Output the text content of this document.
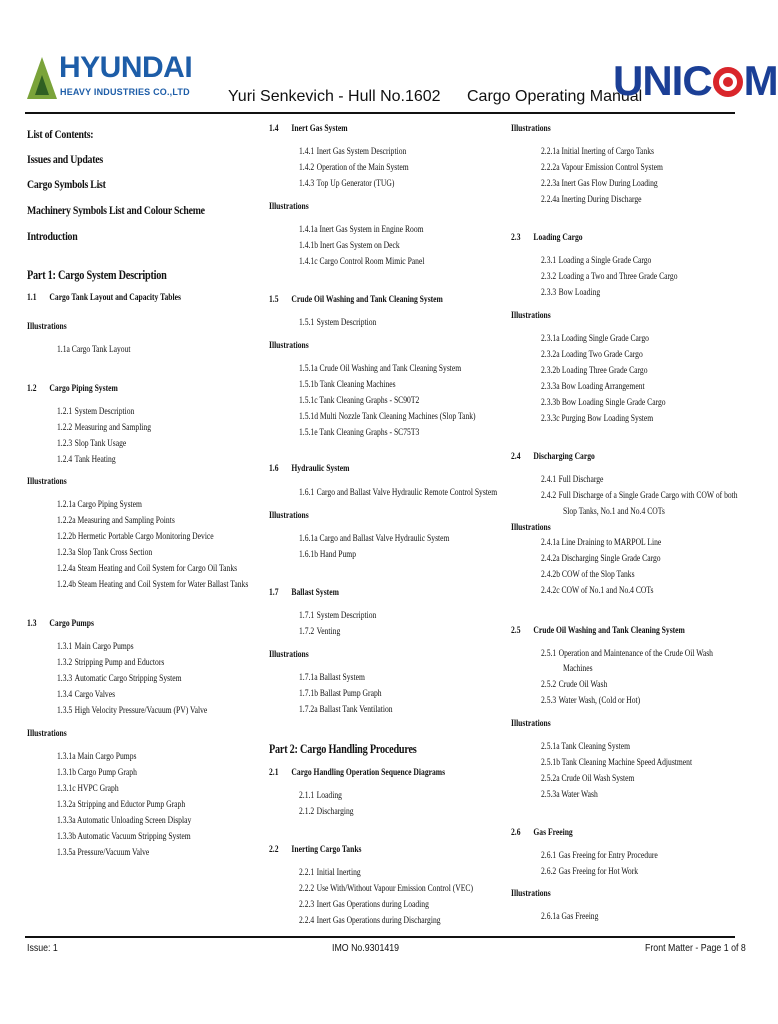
HYUNDAI
HEAVY INDUSTRIES CO.,LTD Yuri Senkevich - Hull No.1602 Cargo Operating Manual
UNIC M
List of Contents:
Issues and Updates
Cargo Symbols List
Machinery Symbols List and Colour Scheme
Introduction
Part 1: Cargo System Description
1.1 Cargo Tank Layout and Capacity Tables
Illustrations
1.1a Cargo Tank Layout
1.2 Cargo Piping System
1.2.1 System Description
1.2.2 Measuring and Sampling
1.2.3 Slop Tank Usage
1.2.4 Tank Heating
Illustrations
1.2.1a Cargo Piping System
1.2.2a Measuring and Sampling Points
1.2.2b Hermetic Portable Cargo Monitoring Device
1.2.3a Slop Tank Cross Section
1.2.4a Steam Heating and Coil System for Cargo Oil Tanks
1.2.4b Steam Heating and Coil System for Water Ballast Tanks
1.3 Cargo Pumps
1.3.1 Main Cargo Pumps
1.3.2 Stripping Pump and Eductors
1.3.3 Automatic Cargo Stripping System
1.3.4 Cargo Valves
1.3.5 High Velocity Pressure/Vacuum (PV) Valve
Illustrations
1.3.1a Main Cargo Pumps
1.3.1b Cargo Pump Graph
1.3.1c HVPC Graph
1.3.2a Stripping and Eductor Pump Graph
1.3.3a Automatic Unloading Screen Display
1.3.3b Automatic Vacuum Stripping System
1.3.5a Pressure/Vacuum Valve
1.4 Inert Gas System
1.4.1 Inert Gas System Description
1.4.2 Operation of the Main System
1.4.3 Top Up Generator (TUG)
Illustrations
1.4.1a Inert Gas System in Engine Room
1.4.1b Inert Gas System on Deck
1.4.1c Cargo Control Room Mimic Panel
1.5 Crude Oil Washing and Tank Cleaning System
1.5.1 System Description
Illustrations
1.5.1a Crude Oil Washing and Tank Cleaning System
1.5.1b Tank Cleaning Machines
1.5.1c Tank Cleaning Graphs - SC90T2
1.5.1d Multi Nozzle Tank Cleaning Machines (Slop Tank)
1.5.1e Tank Cleaning Graphs - SC75T3
1.6 Hydraulic System
1.6.1 Cargo and Ballast Valve Hydraulic Remote Control System
Illustrations
1.6.1a Cargo and Ballast Valve Hydraulic System
1.6.1b Hand Pump
1.7 Ballast System
1.7.1 System Description
1.7.2 Venting
Illustrations
1.7.1a Ballast System
1.7.1b Ballast Pump Graph
1.7.2a Ballast Tank Ventilation
Part 2: Cargo Handling Procedures
2.1 Cargo Handling Operation Sequence Diagrams
2.1.1 Loading
2.1.2 Discharging
2.2 Inerting Cargo Tanks
2.2.1 Initial Inerting
2.2.2 Use With/Without Vapour Emission Control (VEC)
2.2.3 Inert Gas Operations during Loading
2.2.4 Inert Gas Operations during Discharging
Illustrations
2.2.1a Initial Inerting of Cargo Tanks
2.2.2a Vapour Emission Control System
2.2.3a Inert Gas Flow During Loading
2.2.4a Inerting During Discharge
2.3 Loading Cargo
2.3.1 Loading a Single Grade Cargo
2.3.2 Loading a Two and Three Grade Cargo
2.3.3 Bow Loading
Illustrations
2.3.1a Loading Single Grade Cargo
2.3.2a Loading Two Grade Cargo
2.3.2b Loading Three Grade Cargo
2.3.3a Bow Loading Arrangement
2.3.3b Bow Loading Single Grade Cargo
2.3.3c Purging Bow Loading System
2.4 Discharging Cargo
2.4.1 Full Discharge
2.4.2 Full Discharge of a Single Grade Cargo with COW of both
Slop Tanks, No.1 and No.4 COTs
Illustrations
2.4.1a Line Draining to MARPOL Line
2.4.2a Discharging Single Grade Cargo
2.4.2b COW of the Slop Tanks
2.4.2c COW of No.1 and No.4 COTs
2.5 Crude Oil Washing and Tank Cleaning System
2.5.1 Operation and Maintenance of the Crude Oil Wash
Machines
2.5.2 Crude Oil Wash
2.5.3 Water Wash, (Cold or Hot)
Illustrations
2.5.1a Tank Cleaning System
2.5.1b Tank Cleaning Machine Speed Adjustment
2.5.2a Crude Oil Wash System
2.5.3a Water Wash
2.6 Gas Freeing
2.6.1 Gas Freeing for Entry Procedure
2.6.2 Gas Freeing for Hot Work
Illustrations
2.6.1a Gas Freeing
Issue: 1	IMO No.9301419	Front Matter - Page 1 of 8
